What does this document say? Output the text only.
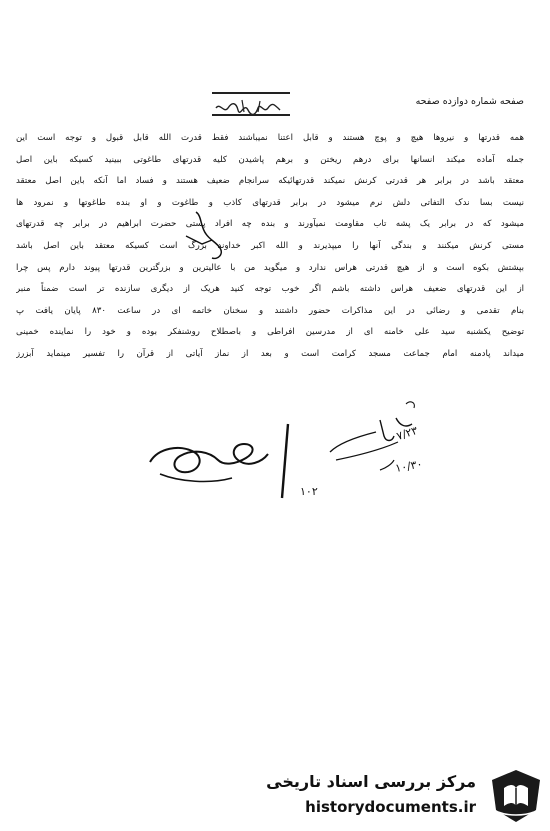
صفحه شماره دوازده صفحه
همه قدرتها و نیروها هیچ و پوچ هستند و قابل اعتنا نمیباشند فقط قدرت الله قابل قبول و توجه است این
جمله آماده میکند انسانها برای درهم ریختن و برهم پاشیدن کلیه قدرتهای طاغوتی ببینید کسیکه باین اصل
معتقد باشد در برابر هر قدرتی کرنش نمیکند قدرتهائیکه سرانجام ضعیف هستند و فساد اما آنکه باین اصل معتقد
نیست بسا ندک التفاتی دلش نرم میشود در برابر قدرتهای کاذب و طاغوت و او بنده طاغوتها و نمرود ها
میشود که در برابر یک پشه تاب مقاومت نمیآورند و بنده چه افراد پستی حضرت ابراهیم در برابر چه قدرتهای
مستی کرنش میکنند و بندگی آنها را میپذیرند و الله اکبر خداوند بزرگ است کسیکه معتقد باین اصل باشد
بپشتش بکوه است و از هیچ قدرتی هراس ندارد و میگوید من با عالیترین و بزرگترین قدرتها پیوند دارم پس چرا
از این قدرتهای ضعیف هراس داشته باشم اگر خوب توجه کنید هریک از دیگری سازنده تر است ضمناً منبر
بنام تقدمی و رضائی در این مذاکرات حضور داشتند و سخنان خاتمه ای در ساعت ۸۳۰ پایان یافت پ
توضیح یکشنبه سید علی خامنه ای از مدرسین افراطی و باصطلاح روشنفکر بوده و خود را نماینده خمینی
میداند پادمنه امام جماعت مسجد کرامت است و بعد از نماز آیاتی از قرآن را تفسیر مینماید آبزرز
۱۰۲
۷/۲۳
۱۰/۳۰
مرکز بررسی اسناد تاریخی
historydocuments.ir
